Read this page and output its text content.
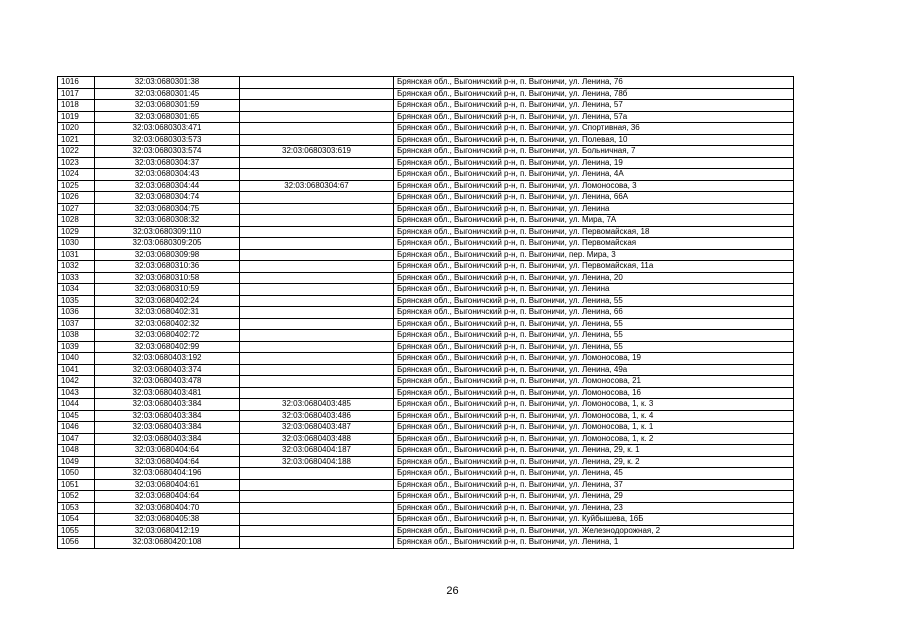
1016	32:03:0680301:38		Брянская обл., Выгоничский р-н, п. Выгоничи, ул. Ленина, 76
1017	32:03:0680301:45		Брянская обл., Выгоничский р-н, п. Выгоничи, ул. Ленина, 78б
1018	32:03:0680301:59		Брянская обл., Выгоничский р-н, п. Выгоничи, ул. Ленина, 57
1019	32:03:0680301:65		Брянская обл., Выгоничский р-н, п. Выгоничи, ул. Ленина, 57а
1020	32:03:0680303:471		Брянская обл., Выгоничский р-н, п. Выгоничи, ул. Спортивная, 36
1021	32:03:0680303:573		Брянская обл., Выгоничский р-н, п. Выгоничи, ул. Полевая, 10
1022	32:03:0680303:574	32:03:0680303:619	Брянская обл., Выгоничский р-н, п. Выгоничи, ул. Больничная, 7
1023	32:03:0680304:37		Брянская обл., Выгоничский р-н, п. Выгоничи, ул. Ленина, 19
1024	32:03:0680304:43		Брянская обл., Выгоничский р-н, п. Выгоничи, ул. Ленина, 4А
1025	32:03:0680304:44	32:03:0680304:67	Брянская обл., Выгоничский р-н, п. Выгоничи, ул. Ломоносова, 3
1026	32:03:0680304:74		Брянская обл., Выгоничский р-н, п. Выгоничи, ул. Ленина, 66А
1027	32:03:0680304:75		Брянская обл., Выгоничский р-н, п. Выгоничи, ул. Ленина
1028	32:03:0680308:32		Брянская обл., Выгоничский р-н, п. Выгоничи, ул. Мира, 7А
1029	32:03:0680309:110		Брянская обл., Выгоничский р-н, п. Выгоничи, ул. Первомайская, 18
1030	32:03:0680309:205		Брянская обл., Выгоничский р-н, п. Выгоничи, ул. Первомайская
1031	32:03:0680309:98		Брянская обл., Выгоничский р-н, п. Выгоничи, пер. Мира, 3
1032	32:03:0680310:36		Брянская обл., Выгоничский р-н, п. Выгоничи, ул. Первомайская, 11а
1033	32:03:0680310:58		Брянская обл., Выгоничский р-н, п. Выгоничи, ул. Ленина, 20
1034	32:03:0680310:59		Брянская обл., Выгоничский р-н, п. Выгоничи, ул. Ленина
1035	32:03:0680402:24		Брянская обл., Выгоничский р-н, п. Выгоничи, ул. Ленина, 55
1036	32:03:0680402:31		Брянская обл., Выгоничский р-н, п. Выгоничи, ул. Ленина, 66
1037	32:03:0680402:32		Брянская обл., Выгоничский р-н, п. Выгоничи, ул. Ленина, 55
1038	32:03:0680402:72		Брянская обл., Выгоничский р-н, п. Выгоничи, ул. Ленина, 55
1039	32:03:0680402:99		Брянская обл., Выгоничский р-н, п. Выгоничи, ул. Ленина, 55
1040	32:03:0680403:192		Брянская обл., Выгоничский р-н, п. Выгоничи, ул. Ломоносова, 19
1041	32:03:0680403:374		Брянская обл., Выгоничский р-н, п. Выгоничи, ул. Ленина, 49а
1042	32:03:0680403:478		Брянская обл., Выгоничский р-н, п. Выгоничи, ул. Ломоносова, 21
1043	32:03:0680403:481		Брянская обл., Выгоничский р-н, п. Выгоничи, ул. Ломоносова, 16
1044	32:03:0680403:384	32:03:0680403:485	Брянская обл., Выгоничский р-н, п. Выгоничи, ул. Ломоносова, 1, к. 3
1045	32:03:0680403:384	32:03:0680403:486	Брянская обл., Выгоничский р-н, п. Выгоничи, ул. Ломоносова, 1, к. 4
1046	32:03:0680403:384	32:03:0680403:487	Брянская обл., Выгоничский р-н, п. Выгоничи, ул. Ломоносова, 1, к. 1
1047	32:03:0680403:384	32:03:0680403:488	Брянская обл., Выгоничский р-н, п. Выгоничи, ул. Ломоносова, 1, к. 2
1048	32:03:0680404:64	32:03:0680404:187	Брянская обл., Выгоничский р-н, п. Выгоничи, ул. Ленина, 29, к. 1
1049	32:03:0680404:64	32:03:0680404:188	Брянская обл., Выгоничский р-н, п. Выгоничи, ул. Ленина, 29, к. 2
1050	32:03:0680404:196		Брянская обл., Выгоничский р-н, п. Выгоничи, ул. Ленина, 45
1051	32:03:0680404:61		Брянская обл., Выгоничский р-н, п. Выгоничи, ул. Ленина, 37
1052	32:03:0680404:64		Брянская обл., Выгоничский р-н, п. Выгоничи, ул. Ленина, 29
1053	32:03:0680404:70		Брянская обл., Выгоничский р-н, п. Выгоничи, ул. Ленина, 23
1054	32:03:0680405:38		Брянская обл., Выгоничский р-н, п. Выгоничи, ул. Куйбышева, 16Б
1055	32:03:0680412:19		Брянская обл., Выгоничский р-н, п. Выгоничи, ул. Железнодорожная, 2
1056	32:03:0680420:108		Брянская обл., Выгоничский р-н, п. Выгоничи, ул. Ленина, 1
26
